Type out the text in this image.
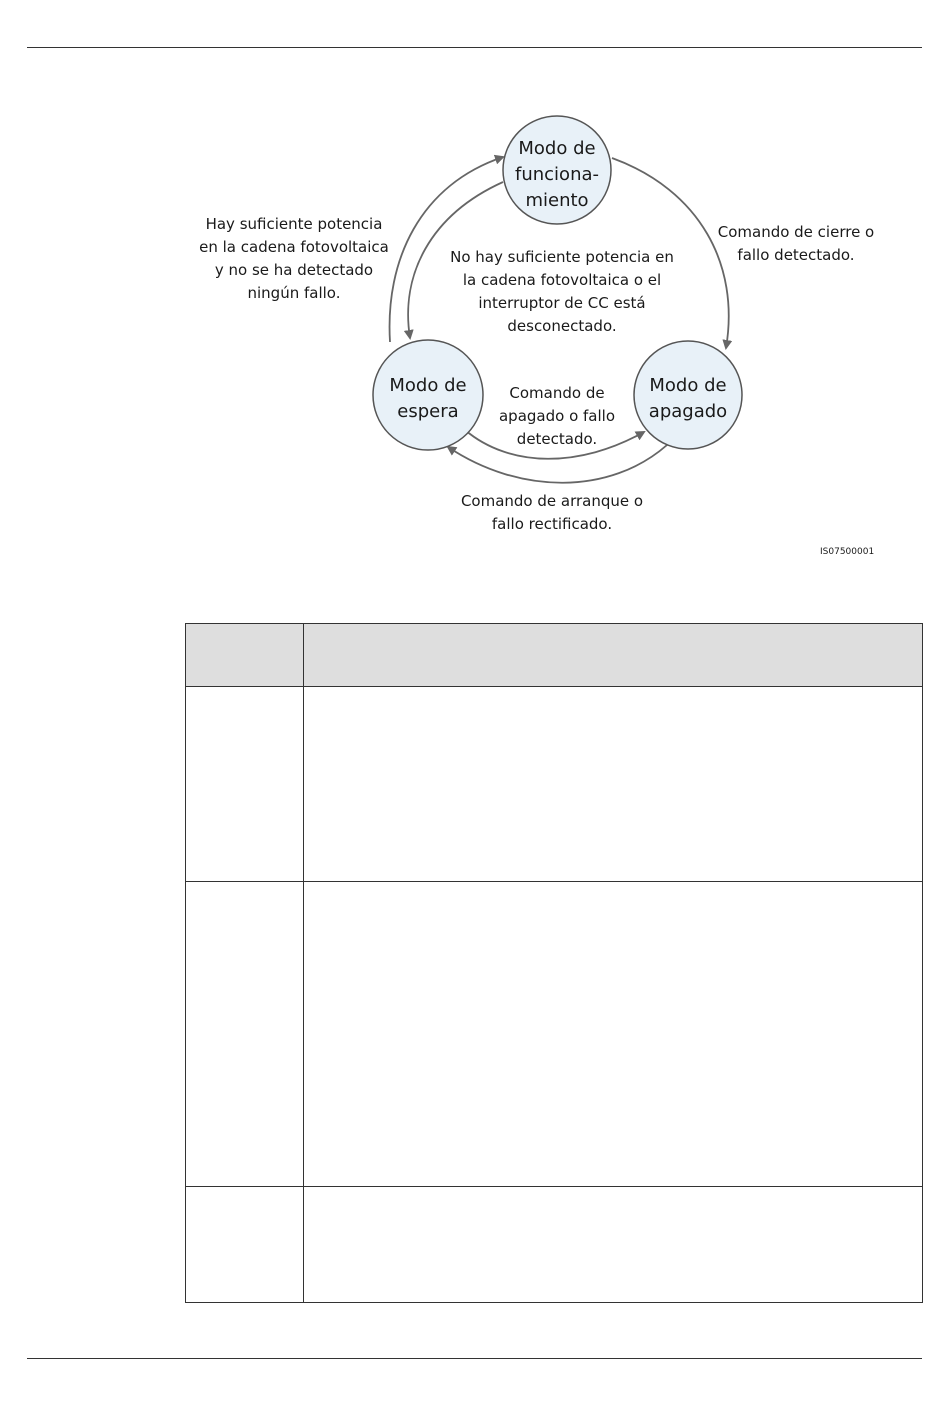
Modo de
funciona-
miento
Modo de
espera
Modo de
apagado
Hay suficiente potencia
en la cadena fotovoltaica
y no se ha detectado
ningún fallo.
No hay suficiente potencia en
la cadena fotovoltaica o el
interruptor de CC está
desconectado.
Comando de cierre o
fallo detectado.
Comando de
apagado o fallo
detectado.
Comando de arranque o
fallo rectificado.
IS07500001
